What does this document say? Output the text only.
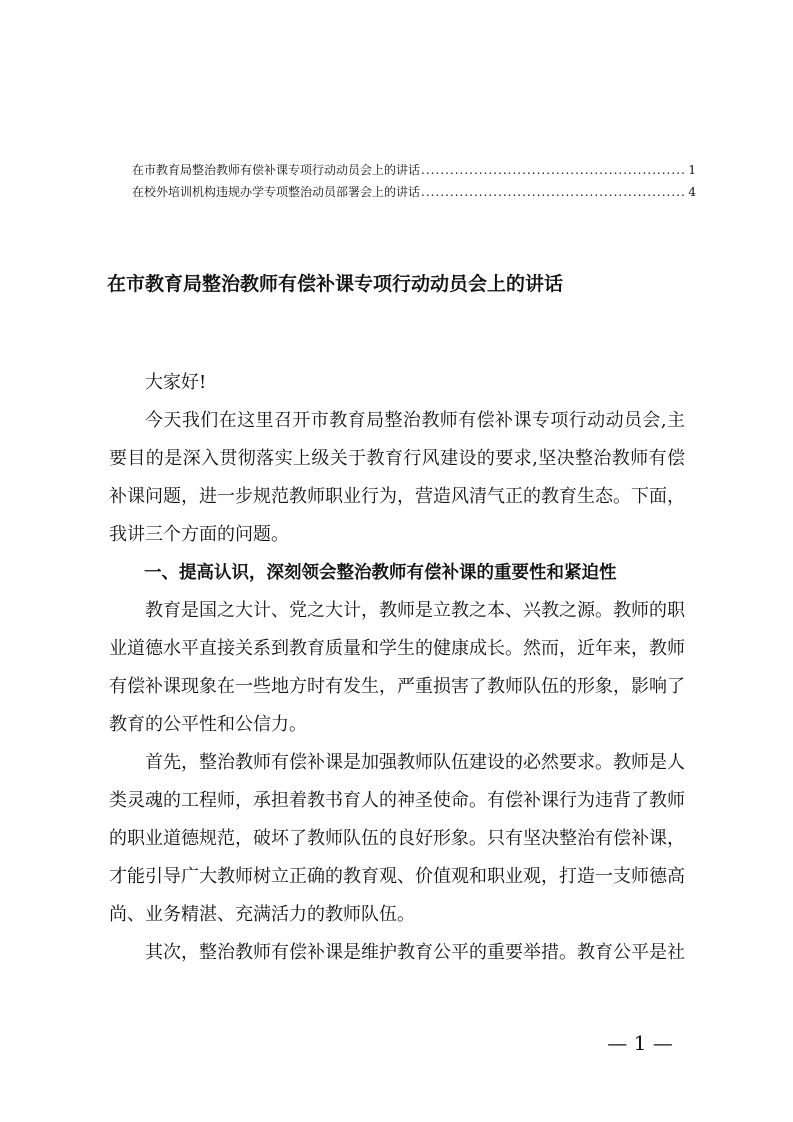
在市教育局整治教师有偿补课专项行动动员会上的讲话 .....	1
在校外培训机构违规办学专项整治动员部署会上的讲话 .....	4
在市教育局整治教师有偿补课专项行动动员会上的讲话

大家好!

今天我们在这里召开市教育局整治教师有偿补课专项行动动员会,主要目的是深入贯彻落实上级关于教育行风建设的要求,坚决整治教师有偿补课问题，进一步规范教师职业行为，营造风清气正的教育生态。下面，我讲三个方面的问题。

一、提高认识，深刻领会整治教师有偿补课的重要性和紧迫性

教育是国之大计、党之大计，教师是立教之本、兴教之源。教师的职业道德水平直接关系到教育质量和学生的健康成长。然而，近年来，教师有偿补课现象在一些地方时有发生，严重损害了教师队伍的形象，影响了教育的公平性和公信力。

首先，整治教师有偿补课是加强教师队伍建设的必然要求。教师是人类灵魂的工程师，承担着教书育人的神圣使命。有偿补课行为违背了教师的职业道德规范，破坏了教师队伍的良好形象。只有坚决整治有偿补课，才能引导广大教师树立正确的教育观、价值观和职业观，打造一支师德高尚、业务精湛、充满活力的教师队伍。

其次，整治教师有偿补课是维护教育公平的重要举措。教育公平是社

— 1 —
